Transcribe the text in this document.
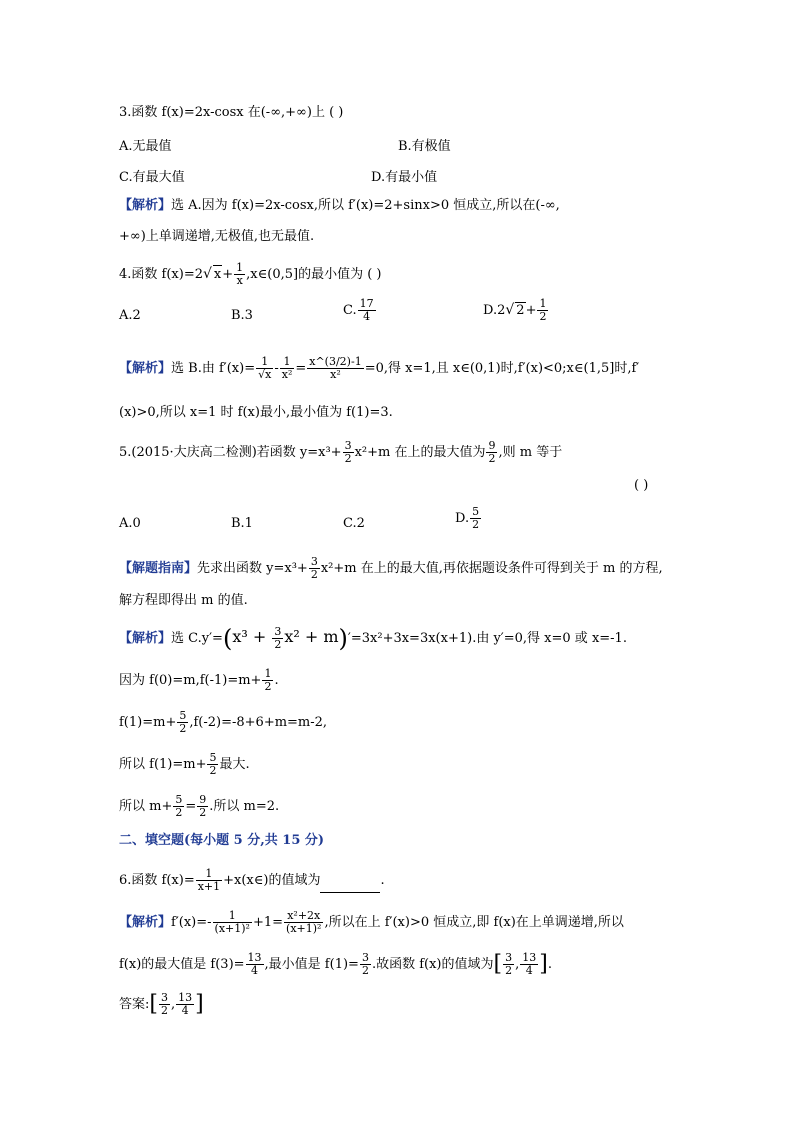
3.函数 f(x)=2x-cosx 在(-∞,+∞)上 ( )
A.无最值	B.有极值
C.有最大值	D.有最小值
【解析】选 A.因为 f(x)=2x-cosx,所以 f′(x)=2+sinx>0 恒成立,所以在(-∞,
+∞)上单调递增,无极值,也无最值.
4.函数 f(x)=2√ $x+ \frac{1}{x}$ ,x∈(0,5]的最小值为 ( )
A.2	B.3	C. $\frac{17}{4}$	D.2√ $2+ \frac{1}{2}$
【解析】选 B.由 $f'(x)= \frac{1}{√x} - \frac{1}{\text{x²}} = \frac{x\^{}(3/2)-1}{\text{x²}} =0$,得 x=1,且 x∈(0,1)时,f′(x)<0;x∈(1,5]时,f′
(x)>0,所以 x=1 时 f(x)最小,最小值为 f(1)=3.
5.(2015·大庆高二检测)若函数 $y=x^3+ \frac{3}{2} x^2+m$ 在上的最大值为 $\frac{9}{2}$ ,则 m 等于
( )
A.0	B.1	C.2	D. $\frac{5}{2}$
【解题指南】先求出函数 $y=x^3+ \frac{3}{2} x^2+m$ 在上的最大值,再依据题设条件可得到关于 m 的方程,
解方程即得出 m 的值.
【解析】选 $C.y'=(x^3 + \frac{3}{2} x^2 + m)'=3x^2+3x=3x(x+1)$.由 y′=0,得 x=0 或 x=-1.
因为 $f(0)=m,f(-1)=m+ \frac{1}{2}$ .
$f(1)=m+ \frac{5}{2} ,f(-2)=-8+6+m=m-2$,
所以 $f(1)=m+ \frac{5}{2}$ 最大.
所以 $m+ \frac{5}{2} = \frac{9}{2}$ .所以 m=2.
二、填空题(每小题 5 分,共 15 分)
6.函数 $f(x)= \frac{1}{x+1}$ +x(x∈)的值域为	.
【解析】$f'(x)=- \frac{1}{\text{(x+1)²}} +1= \frac{\text{x²+2x}}{\text{(x+1)²}}$ ,所以在上 f′(x)>0 恒成立,即 f(x)在上单调递增,所以
f(x)的最大值是 $f(3)= \frac{13}{4}$ ,最小值是 $f(1)= \frac{3}{2}$ .故函数 f(x)的值域为[ $\frac{3}{2}$ , $\frac{13}{4}$ ].
答案:[ $\frac{3}{2}$ , $\frac{13}{4}$ ]
